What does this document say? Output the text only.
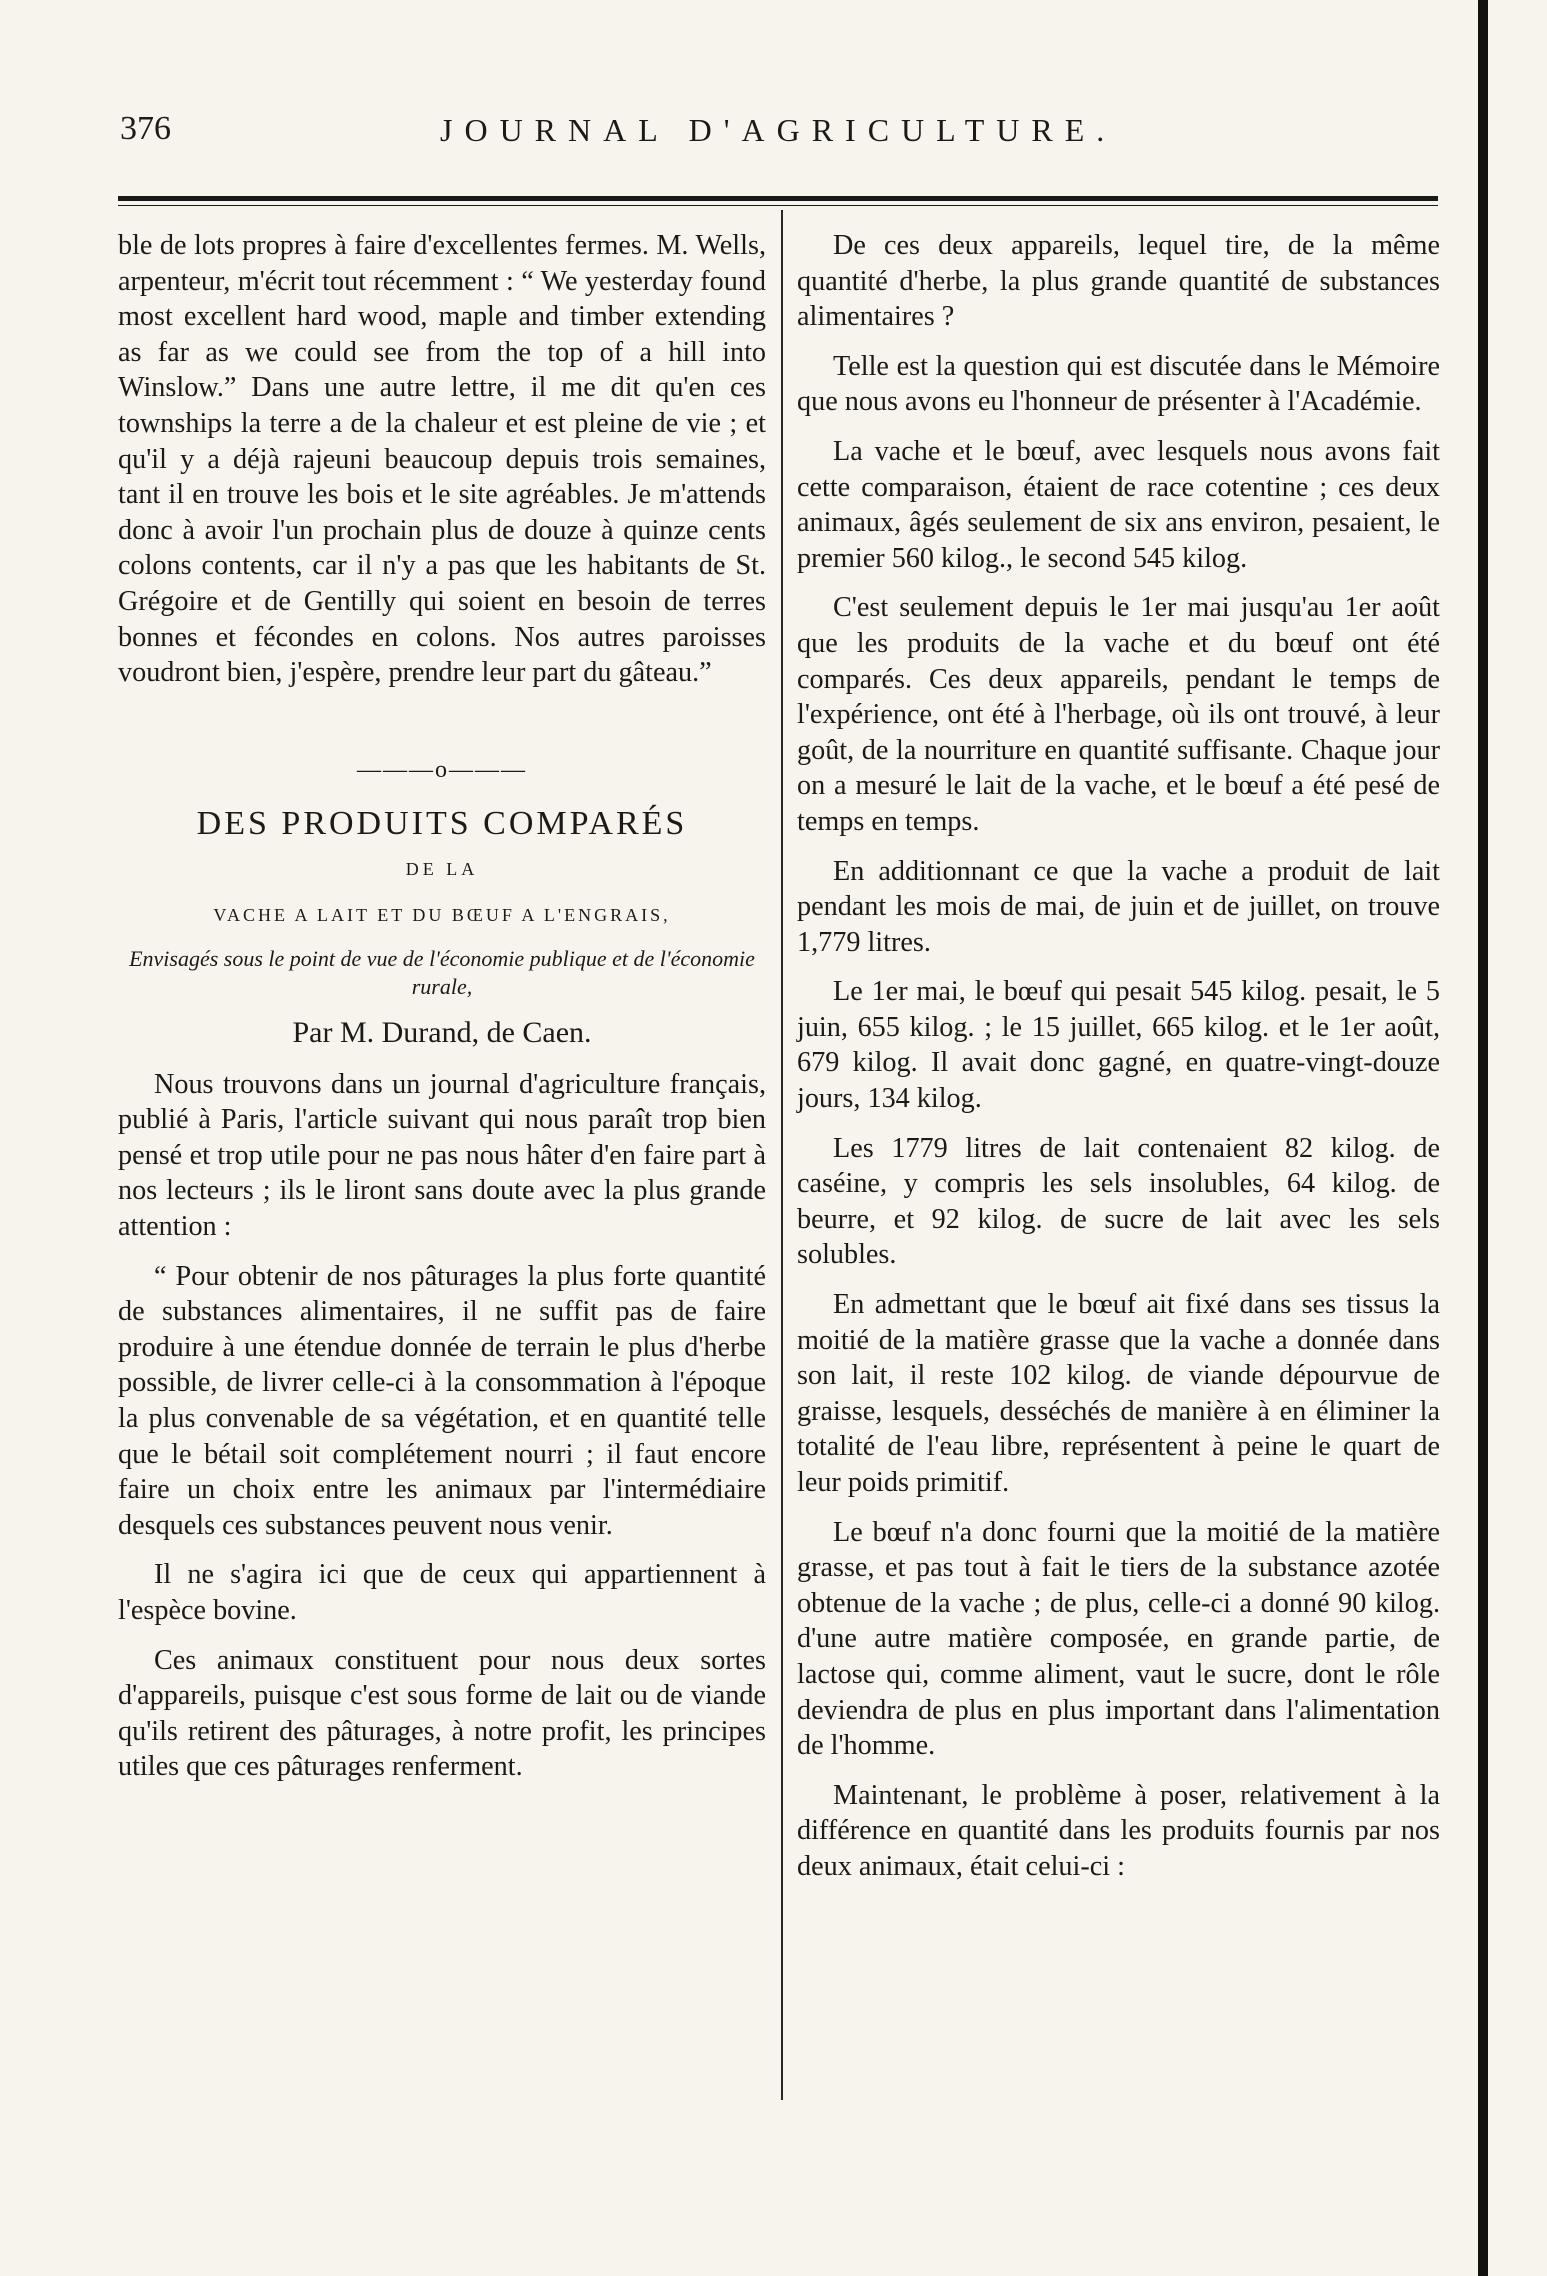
376	JOURNAL D'AGRICULTURE.

ble de lots propres à faire d'excellentes fermes. M. Wells, arpenteur, m'écrit tout récemment : “ We yesterday found most excellent hard wood, maple and timber extending as far as we could see from the top of a hill into Winslow.” Dans une autre lettre, il me dit qu'en ces townships la terre a de la chaleur et est pleine de vie ; et qu'il y a déjà rajeuni beaucoup depuis trois semaines, tant il en trouve les bois et le site agréables. Je m'attends donc à avoir l'un prochain plus de douze à quinze cents colons contents, car il n'y a pas que les habitants de St. Grégoire et de Gentilly qui soient en besoin de terres bonnes et fécondes en colons. Nos autres paroisses voudront bien, j'espère, prendre leur part du gâteau.”

———o———
DES PRODUITS COMPARÉS
DE LA
VACHE A LAIT ET DU BŒUF A L'ENGRAIS,
Envisagés sous le point de vue de l'économie publique et de l'économie rurale,
Par M. Durand, de Caen.

Nous trouvons dans un journal d'agriculture français, publié à Paris, l'article suivant qui nous paraît trop bien pensé et trop utile pour ne pas nous hâter d'en faire part à nos lecteurs ; ils le liront sans doute avec la plus grande attention :

“ Pour obtenir de nos pâturages la plus forte quantité de substances alimentaires, il ne suffit pas de faire produire à une étendue donnée de terrain le plus d'herbe possible, de livrer celle-ci à la consommation à l'époque la plus convenable de sa végétation, et en quantité telle que le bétail soit complétement nourri ; il faut encore faire un choix entre les animaux par l'intermédiaire desquels ces substances peuvent nous venir.

Il ne s'agira ici que de ceux qui appartiennent à l'espèce bovine.

Ces animaux constituent pour nous deux sortes d'appareils, puisque c'est sous forme de lait ou de viande qu'ils retirent des pâturages, à notre profit, les principes utiles que ces pâturages renferment.

De ces deux appareils, lequel tire, de la même quantité d'herbe, la plus grande quantité de substances alimentaires ?

Telle est la question qui est discutée dans le Mémoire que nous avons eu l'honneur de présenter à l'Académie.

La vache et le bœuf, avec lesquels nous avons fait cette comparaison, étaient de race cotentine ; ces deux animaux, âgés seulement de six ans environ, pesaient, le premier 560 kilog., le second 545 kilog.

C'est seulement depuis le 1er mai jusqu'au 1er août que les produits de la vache et du bœuf ont été comparés. Ces deux appareils, pendant le temps de l'expérience, ont été à l'herbage, où ils ont trouvé, à leur goût, de la nourriture en quantité suffisante. Chaque jour on a mesuré le lait de la vache, et le bœuf a été pesé de temps en temps.

En additionnant ce que la vache a produit de lait pendant les mois de mai, de juin et de juillet, on trouve 1,779 litres.

Le 1er mai, le bœuf qui pesait 545 kilog. pesait, le 5 juin, 655 kilog. ; le 15 juillet, 665 kilog. et le 1er août, 679 kilog. Il avait donc gagné, en quatre-vingt-douze jours, 134 kilog.

Les 1779 litres de lait contenaient 82 kilog. de caséine, y compris les sels insolubles, 64 kilog. de beurre, et 92 kilog. de sucre de lait avec les sels solubles.

En admettant que le bœuf ait fixé dans ses tissus la moitié de la matière grasse que la vache a donnée dans son lait, il reste 102 kilog. de viande dépourvue de graisse, lesquels, desséchés de manière à en éliminer la totalité de l'eau libre, représentent à peine le quart de leur poids primitif.

Le bœuf n'a donc fourni que la moitié de la matière grasse, et pas tout à fait le tiers de la substance azotée obtenue de la vache ; de plus, celle-ci a donné 90 kilog. d'une autre matière composée, en grande partie, de lactose qui, comme aliment, vaut le sucre, dont le rôle deviendra de plus en plus important dans l'alimentation de l'homme.

Maintenant, le problème à poser, relativement à la différence en quantité dans les produits fournis par nos deux animaux, était celui-ci :
